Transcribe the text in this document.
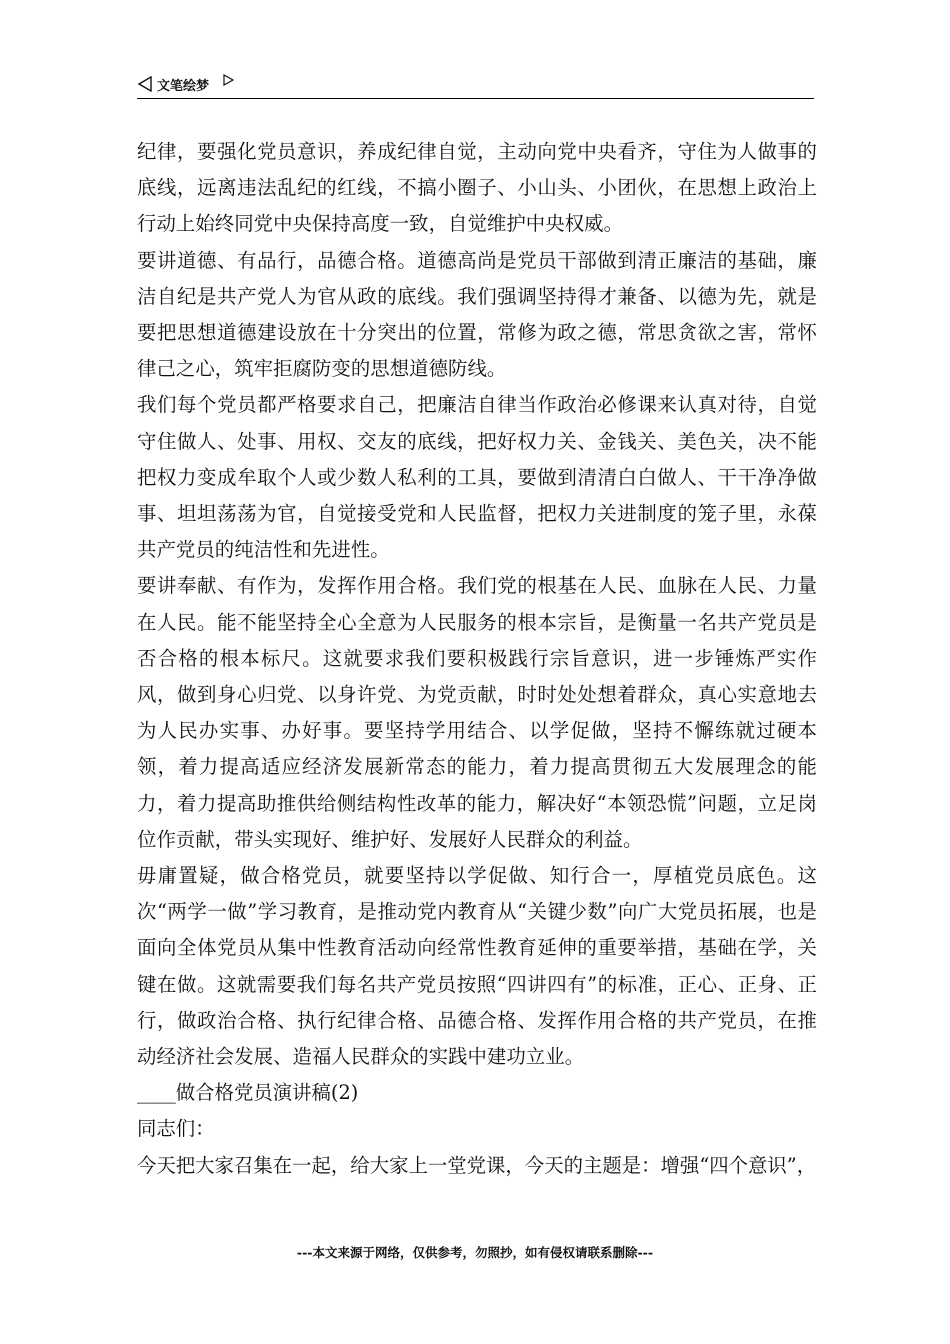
文笔绘梦

纪律，要强化党员意识，养成纪律自觉，主动向党中央看齐，守住为人做事的底线，远离违法乱纪的红线，不搞小圈子、小山头、小团伙，在思想上政治上行动上始终同党中央保持高度一致，自觉维护中央权威。

要讲道德、有品行，品德合格。道德高尚是党员干部做到清正廉洁的基础，廉洁自纪是共产党人为官从政的底线。我们强调坚持得才兼备、以德为先，就是要把思想道德建设放在十分突出的位置，常修为政之德，常思贪欲之害，常怀律己之心，筑牢拒腐防变的思想道德防线。

我们每个党员都严格要求自己，把廉洁自律当作政治必修课来认真对待，自觉守住做人、处事、用权、交友的底线，把好权力关、金钱关、美色关，决不能把权力变成牟取个人或少数人私利的工具，要做到清清白白做人、干干净净做事、坦坦荡荡为官，自觉接受党和人民监督，把权力关进制度的笼子里，永葆共产党员的纯洁性和先进性。

要讲奉献、有作为，发挥作用合格。我们党的根基在人民、血脉在人民、力量在人民。能不能坚持全心全意为人民服务的根本宗旨，是衡量一名共产党员是否合格的根本标尺。这就要求我们要积极践行宗旨意识，进一步锤炼严实作风，做到身心归党、以身许党、为党贡献，时时处处想着群众，真心实意地去为人民办实事、办好事。要坚持学用结合、以学促做，坚持不懈练就过硬本领，着力提高适应经济发展新常态的能力，着力提高贯彻五大发展理念的能力，着力提高助推供给侧结构性改革的能力，解决好“本领恐慌”问题，立足岗位作贡献，带头实现好、维护好、发展好人民群众的利益。

毋庸置疑，做合格党员，就要坚持以学促做、知行合一，厚植党员底色。这次“两学一做”学习教育，是推动党内教育从“关键少数”向广大党员拓展，也是面向全体党员从集中性教育活动向经常性教育延伸的重要举措，基础在学，关键在做。这就需要我们每名共产党员按照“四讲四有”的标准，正心、正身、正行，做政治合格、执行纪律合格、品德合格、发挥作用合格的共产党员，在推动经济社会发展、造福人民群众的实践中建功立业。

____做合格党员演讲稿(2)

同志们：

今天把大家召集在一起，给大家上一堂党课，今天的主题是：增强“四个意识”，

---本文来源于网络，仅供参考，勿照抄，如有侵权请联系删除---
